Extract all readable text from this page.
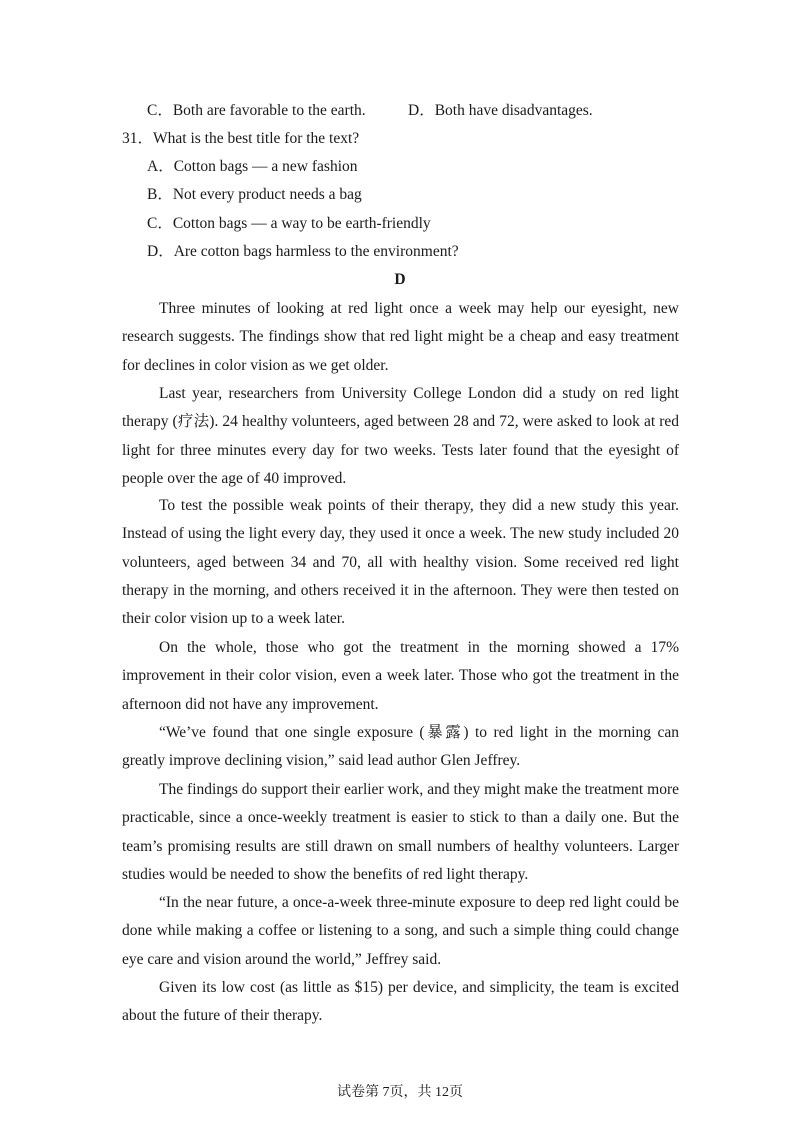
C．Both are favorable to the earth.	D．Both have disadvantages.
31．What is the best title for the text?
A．Cotton bags — a new fashion
B．Not every product needs a bag
C．Cotton bags — a way to be earth-friendly
D．Are cotton bags harmless to the environment?
D
Three minutes of looking at red light once a week may help our eyesight, new research suggests. The findings show that red light might be a cheap and easy treatment for declines in color vision as we get older.
Last year, researchers from University College London did a study on red light therapy (疗法). 24 healthy volunteers, aged between 28 and 72, were asked to look at red light for three minutes every day for two weeks. Tests later found that the eyesight of people over the age of 40 improved.
To test the possible weak points of their therapy, they did a new study this year. Instead of using the light every day, they used it once a week. The new study included 20 volunteers, aged between 34 and 70, all with healthy vision. Some received red light therapy in the morning, and others received it in the afternoon. They were then tested on their color vision up to a week later.
On the whole, those who got the treatment in the morning showed a 17% improvement in their color vision, even a week later. Those who got the treatment in the afternoon did not have any improvement.
“We’ve found that one single exposure (暴露) to red light in the morning can greatly improve declining vision,” said lead author Glen Jeffrey.
The findings do support their earlier work, and they might make the treatment more practicable, since a once-weekly treatment is easier to stick to than a daily one. But the team’s promising results are still drawn on small numbers of healthy volunteers. Larger studies would be needed to show the benefits of red light therapy.
“In the near future, a once-a-week three-minute exposure to deep red light could be done while making a coffee or listening to a song, and such a simple thing could change eye care and vision around the world,” Jeffrey said.
Given its low cost (as little as $15) per device, and simplicity, the team is excited about the future of their therapy.
试卷第 7页，共 12页
